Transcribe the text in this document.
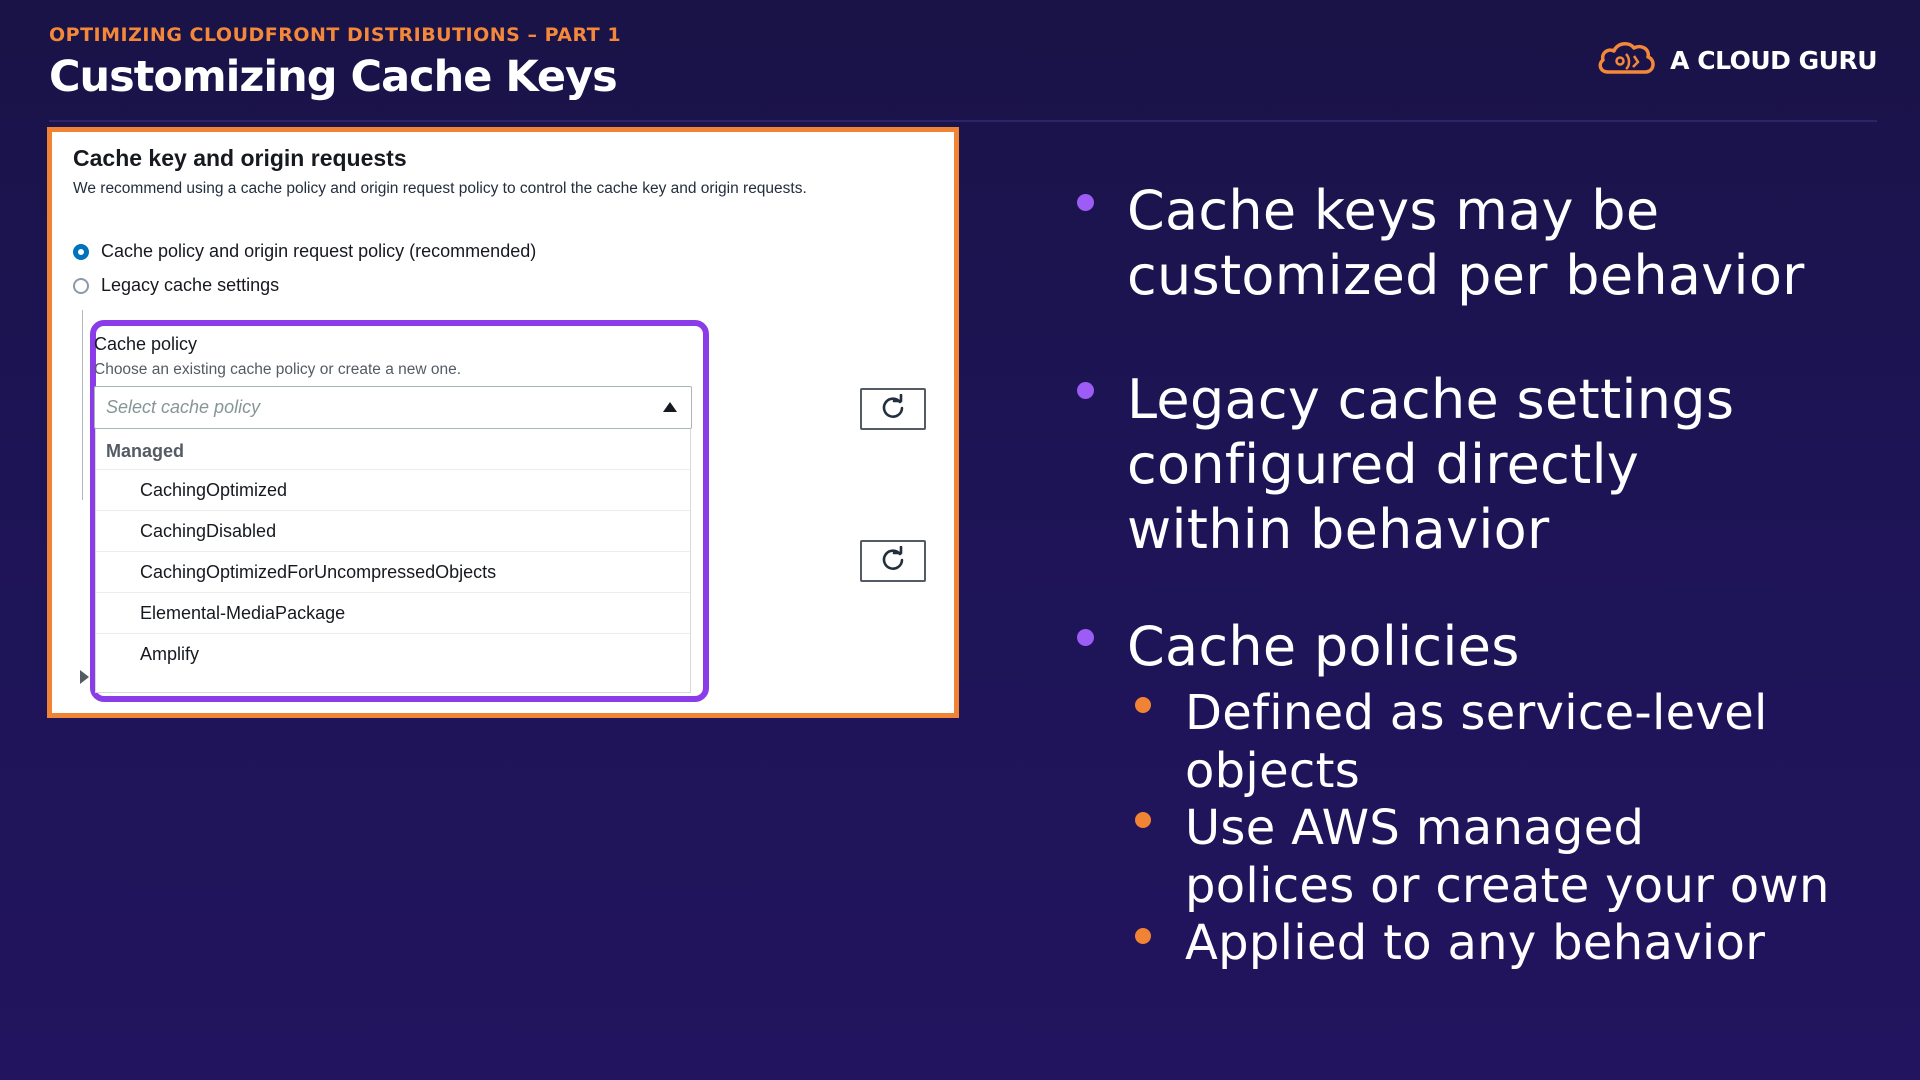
OPTIMIZING CLOUDFRONT DISTRIBUTIONS – PART 1
Customizing Cache Keys	A CLOUD GURU
Cache key and origin requests
We recommend using a cache policy and origin request policy to control the cache key and origin requests.
Cache policy and origin request policy (recommended)
Legacy cache settings
Cache policy
Choose an existing cache policy or create a new one.
Select cache policy
Managed
CachingOptimized
CachingDisabled
CachingOptimizedForUncompressedObjects
Elemental-MediaPackage
Amplify
Cache keys may be
customized per behavior
Legacy cache settings
configured directly
within behavior
Cache policies
Defined as service-level
objects
Use AWS managed
polices or create your own
Applied to any behavior
